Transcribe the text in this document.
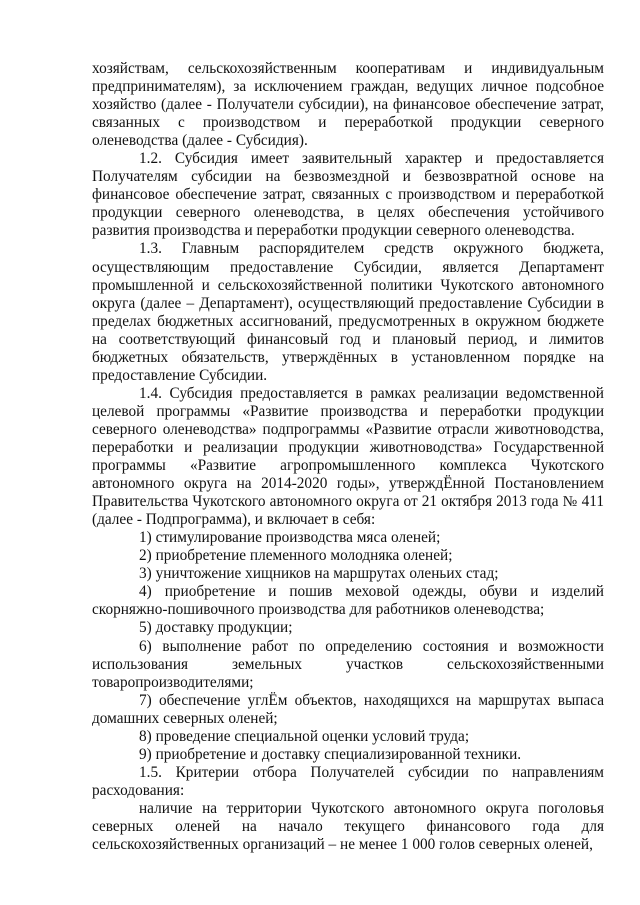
хозяйствам, сельскохозяйственным кооперативам и индивидуальным предпринимателям), за исключением граждан, ведущих личное подсобное хозяйство (далее - Получатели субсидии), на финансовое обеспечение затрат, связанных с производством и переработкой продукции северного оленеводства (далее - Субсидия).

1.2. Субсидия имеет заявительный характер и предоставляется Получателям субсидии на безвозмездной и безвозвратной основе на финансовое обеспечение затрат, связанных с производством и переработкой продукции северного оленеводства, в целях обеспечения устойчивого развития производства и переработки продукции северного оленеводства.

1.3. Главным распорядителем средств окружного бюджета, осуществляющим предоставление Субсидии, является Департамент промышленной и сельскохозяйственной политики Чукотского автономного округа (далее – Департамент), осуществляющий предоставление Субсидии в пределах бюджетных ассигнований, предусмотренных в окружном бюджете на соответствующий финансовый год и плановый период, и лимитов бюджетных обязательств, утверждённых в установленном порядке на предоставление Субсидии.

1.4. Субсидия предоставляется в рамках реализации ведомственной целевой программы «Развитие производства и переработки продукции северного оленеводства» подпрограммы «Развитие отрасли животноводства, переработки и реализации продукции животноводства» Государственной программы «Развитие агропромышленного комплекса Чукотского автономного округа на 2014-2020 годы», утверждЁнной Постановлением Правительства Чукотского автономного округа от 21 октября 2013 года № 411 (далее - Подпрограмма), и включает в себя:

1) стимулирование производства мяса оленей;

2) приобретение племенного молодняка оленей;

3) уничтожение хищников на маршрутах оленьих стад;

4) приобретение и пошив меховой одежды, обуви и изделий скорняжно-пошивочного производства для работников оленеводства;

5) доставку продукции;

6) выполнение работ по определению состояния и возможности использования земельных участков сельскохозяйственными товаропроизводителями;

7) обеспечение углЁм объектов, находящихся на маршрутах выпаса домашних северных оленей;

8) проведение специальной оценки условий труда;

9) приобретение и доставку специализированной техники.

1.5. Критерии отбора Получателей субсидии по направлениям расходования:

наличие на территории Чукотского автономного округа поголовья северных оленей на начало текущего финансового года для сельскохозяйственных организаций – не менее 1 000 голов северных оленей,
